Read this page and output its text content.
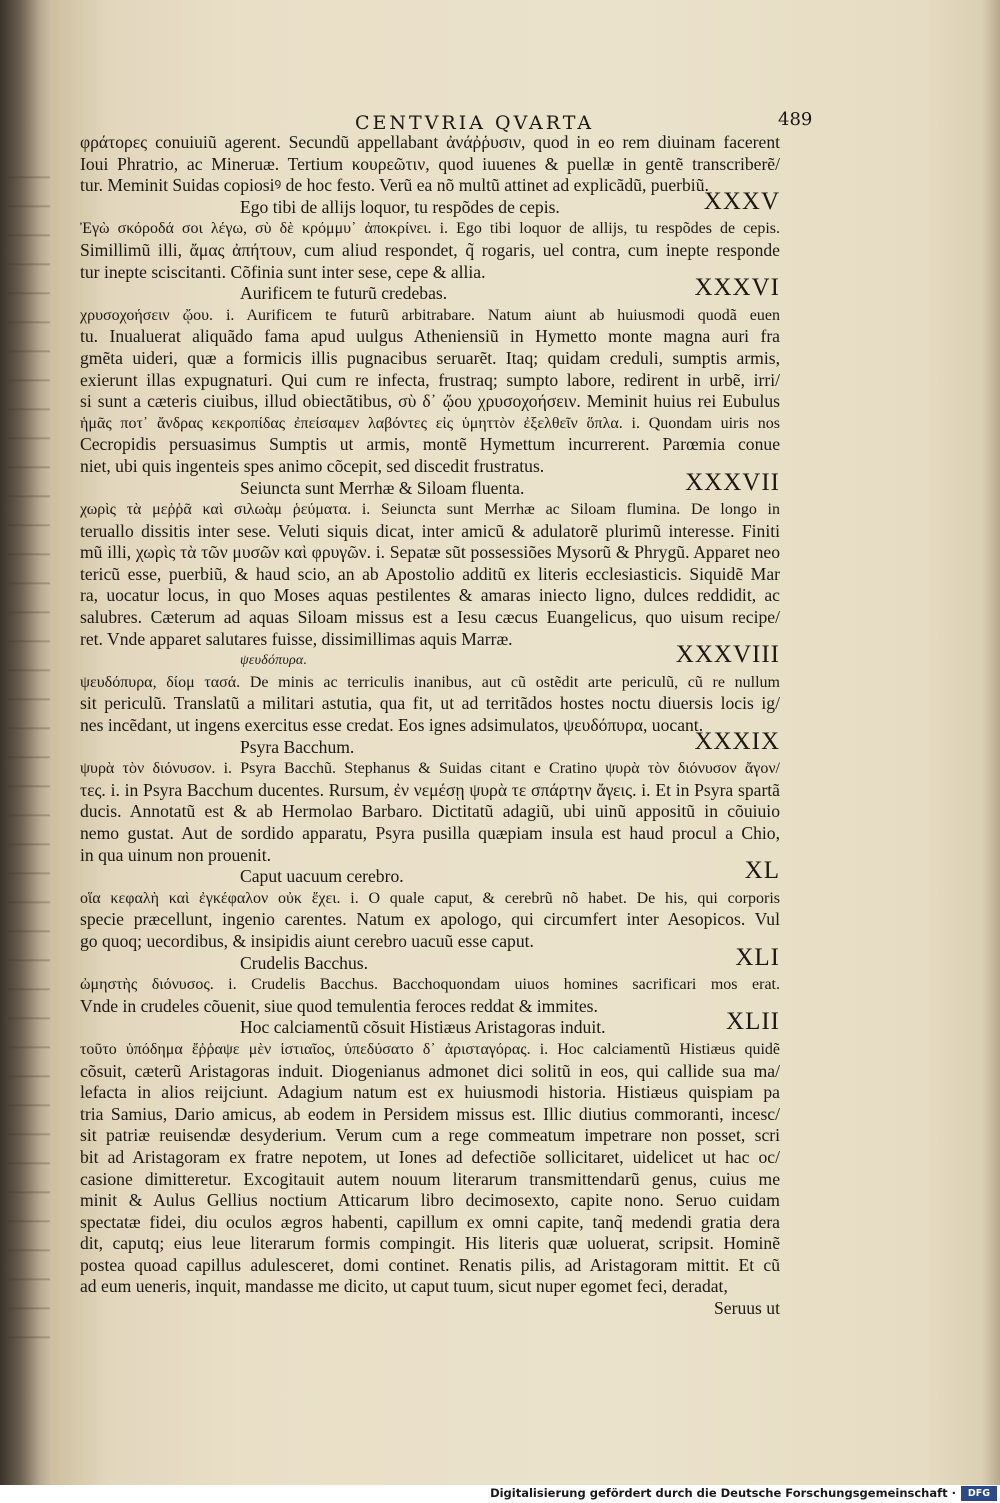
CENTVRIA QVARTA	489
φράτορες conuiuiũ agerent. Secundũ appellabant ἀνάῤῥυσιν, quod in eo rem diuinam facerent
Ioui Phratrio, ac Mineruæ. Tertium κουρεῶτιν, quod iuuenes & puellæ in gentẽ transcriberẽ/
tur. Meminit Suidas copiosiꝰ de hoc festo. Verũ ea nõ multũ attinet ad explicãdũ, puerbiũ.
Ego tibi de allijs loquor, tu respõdes de cepis.	XXXV
Ἐγὼ σκόροδά σοι λέγω, σὺ δὲ κρόμμυ᾽ ἀποκρίνει. i. Ego tibi loquor de allijs, tu respõdes de cepis.
Simillimũ illi, ἄμας ἀπήτουν, cum aliud respondet, q̃ rogaris, uel contra, cum inepte responde
tur inepte sciscitanti. Cõfinia sunt inter sese, cepe & allia.
Aurificem te futurũ credebas.	XXXVI
χρυσοχοήσειν ᾤου. i. Aurificem te futurũ arbitrabare. Natum aiunt ab huiusmodi quodã euen
tu. Inualuerat aliquãdo fama apud uulgus Atheniensiũ in Hymetto monte magna auri fra
gmẽta uideri, quæ a formicis illis pugnacibus seruarẽt. Itaq; quidam creduli, sumptis armis,
exierunt illas expugnaturi. Qui cum re infecta, frustraq; sumpto labore, redirent in urbẽ, irri/
si sunt a cæteris ciuibus, illud obiectãtibus, σὺ δ᾽ ᾤου χρυσοχοήσειν. Meminit huius rei Eubulus
ἡμᾶς ποτ᾽ ἄνδρας κεκροπίδας ἐπείσαμεν λαβόντες εἰς ὑμηττὸν ἐξελθεῖν ὅπλα. i. Quondam uiris nos
Cecropidis persuasimus Sumptis ut armis, montẽ Hymettum incurrerent. Parœmia conue
niet, ubi quis ingenteis spes animo cõcepit, sed discedit frustratus.
Seiuncta sunt Merrhæ & Siloam fluenta.	XXXVII
χωρὶς τὰ μεῤῥᾶ καὶ σιλωὰμ ῥεύματα. i. Seiuncta sunt Merrhæ ac Siloam flumina. De longo in
teruallo dissitis inter sese. Veluti siquis dicat, inter amicũ & adulatorẽ plurimũ interesse. Finiti
mũ illi, χωρὶς τὰ τῶν μυσῶν καὶ φρυγῶν. i. Sepatæ sũt possessiões Mysorũ & Phrygũ. Apparet neo
tericũ esse, puerbiũ, & haud scio, an ab Apostolio additũ ex literis ecclesiasticis. Siquidẽ Mar
ra, uocatur locus, in quo Moses aquas pestilentes & amaras iniecto ligno, dulces reddidit, ac
salubres. Cæterum ad aquas Siloam missus est a Iesu cæcus Euangelicus, quo uisum recipe/
ret. Vnde apparet salutares fuisse, dissimillimas aquis Marræ.
ψευδόπυρα.	XXXVIII
ψευδόπυρα, δίομ τασά. De minis ac terriculis inanibus, aut cũ ostẽdit arte periculũ, cũ re nullum
sit periculũ. Translatũ a militari astutia, qua fit, ut ad territãdos hostes noctu diuersis locis ig/
nes incẽdant, ut ingens exercitus esse credat. Eos ignes adsimulatos, ψευδόπυρα, uocant.
Psyra Bacchum.	XXXIX
ψυρὰ τὸν διόνυσον. i. Psyra Bacchũ. Stephanus & Suidas citant e Cratino ψυρὰ τὸν διόνυσον ἄγον/
τες. i. in Psyra Bacchum ducentes. Rursum, ἐν νεμέσῃ ψυρὰ τε σπάρτην ἄγεις. i. Et in Psyra spartã
ducis. Annotatũ est & ab Hermolao Barbaro. Dictitatũ adagiũ, ubi uinũ appositũ in cõuiuio
nemo gustat. Aut de sordido apparatu, Psyra pusilla quæpiam insula est haud procul a Chio,
in qua uinum non prouenit.
Caput uacuum cerebro.	XL
οἵα κεφαλὴ καὶ ἐγκέφαλον οὐκ ἔχει. i. O quale caput, & cerebrũ nõ habet. De his, qui corporis
specie præcellunt, ingenio carentes. Natum ex apologo, qui circumfert inter Aesopicos. Vul
go quoq; uecordibus, & insipidis aiunt cerebro uacuũ esse caput.
Crudelis Bacchus.	XLI
ὠμηστὴς διόνυσος. i. Crudelis Bacchus. Bacchoquondam uiuos homines sacrificari mos erat.
Vnde in crudeles cõuenit, siue quod temulentia feroces reddat & immites.
Hoc calciamentũ cõsuit Histiæus Aristagoras induit.	XLII
τοῦτο ὑπόδημα ἔῤῥαψε μὲν ἱστιαῖος, ὑπεδύσατο δ᾽ ἀρισταγόρας. i. Hoc calciamentũ Histiæus quidẽ
cõsuit, cæterũ Aristagoras induit. Diogenianus admonet dici solitũ in eos, qui callide sua ma/
lefacta in alios reijciunt. Adagium natum est ex huiusmodi historia. Histiæus quispiam pa
tria Samius, Dario amicus, ab eodem in Persidem missus est. Illic diutius commoranti, incesc/
sit patriæ reuisendæ desyderium. Verum cum a rege commeatum impetrare non posset, scri
bit ad Aristagoram ex fratre nepotem, ut Iones ad defectiõe sollicitaret, uidelicet ut hac oc/
casione dimitteretur. Excogitauit autem nouum literarum transmittendarũ genus, cuius me
minit & Aulus Gellius noctium Atticarum libro decimosexto, capite nono. Seruo cuidam
spectatæ fidei, diu oculos ægros habenti, capillum ex omni capite, tanq̃ medendi gratia dera
dit, caputq; eius leue literarum formis compingit. His literis quæ uoluerat, scripsit. Hominẽ
postea quoad capillus adulesceret, domi continet. Renatis pilis, ad Aristagoram mittit. Et cũ
ad eum ueneris, inquit, mandasse me dicito, ut caput tuum, sicut nuper egomet feci, deradat,
Seruus ut
Digitalisierung gefördert durch die Deutsche Forschungsgemeinschaft ·	DFG
